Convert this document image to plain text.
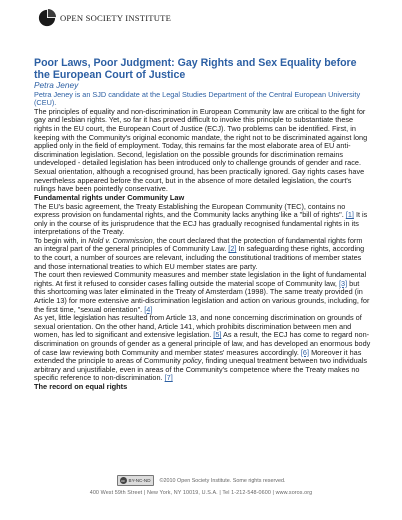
OPEN SOCIETY INSTITUTE
Poor Laws, Poor Judgment: Gay Rights and Sex Equality before the European Court of Justice
Petra Jeney
Petra Jeney is an SJD candidate at the Legal Studies Department of the Central European University (CEU).

The principles of equality and non-discrimination in European Community law are critical to the fight for gay and lesbian rights. Yet, so far it has proved difficult to invoke this principle to substantiate these rights in the EU court, the European Court of Justice (ECJ). Two problems can be identified. First, in keeping with the Community's original economic mandate, the right not to be discriminated against long applied only in the field of employment. Today, this remains far the most elaborate area of EU anti-discrimination legislation. Second, legislation on the possible grounds for discrimination remains undeveloped - detailed legislation has been introduced only to challenge grounds of gender and race. Sexual orientation, although a recognised ground, has been practically ignored. Gay rights cases have nevertheless appeared before the court, but in the absence of more detailed legislation, the court's rulings have been pointedly conservative.

Fundamental rights under Community Law

The EU's basic agreement, the Treaty Establishing the European Community (TEC), contains no express provision on fundamental rights, and the Community lacks anything like a "bill of rights". [1] It is only in the course of its jurisprudence that the ECJ has gradually recognised fundamental rights in its interpretations of the Treaty.

To begin with, in Nold v. Commission, the court declared that the protection of fundamental rights form an integral part of the general principles of Community Law. [2] In safeguarding these rights, according to the court, a number of sources are relevant, including the constitutional traditions of member states and those international treaties to which EU member states are party.

The court then reviewed Community measures and member state legislation in the light of fundamental rights. At first it refused to consider cases falling outside the material scope of Community law, [3] but this shortcoming was later eliminated in the Treaty of Amsterdam (1998). The same treaty provided (in Article 13) for more extensive anti-discrimination legislation and action on various grounds, including, for the first time, "sexual orientation". [4]

As yet, little legislation has resulted from Article 13, and none concerning discrimination on grounds of sexual orientation. On the other hand, Article 141, which prohibits discrimination between men and women, has led to significant and extensive legislation. [5] As a result, the ECJ has come to regard non-discrimination on grounds of gender as a general principle of law, and has developed an enormous body of case law reviewing both Community and member states' measures accordingly. [6] Moreover it has extended the principle to areas of Community policy, finding unequal treatment between two individuals arbitrary and unjustifiable, even in areas of the Community's competence where the Treaty makes no specific reference to non-discrimination. [7]

The record on equal rights
cc BY-NC-ND ©2010 Open Society Institute. Some rights reserved.
400 West 59th Street | New York, NY 10019, U.S.A. | Tel 1-212-548-0600 | www.soros.org
